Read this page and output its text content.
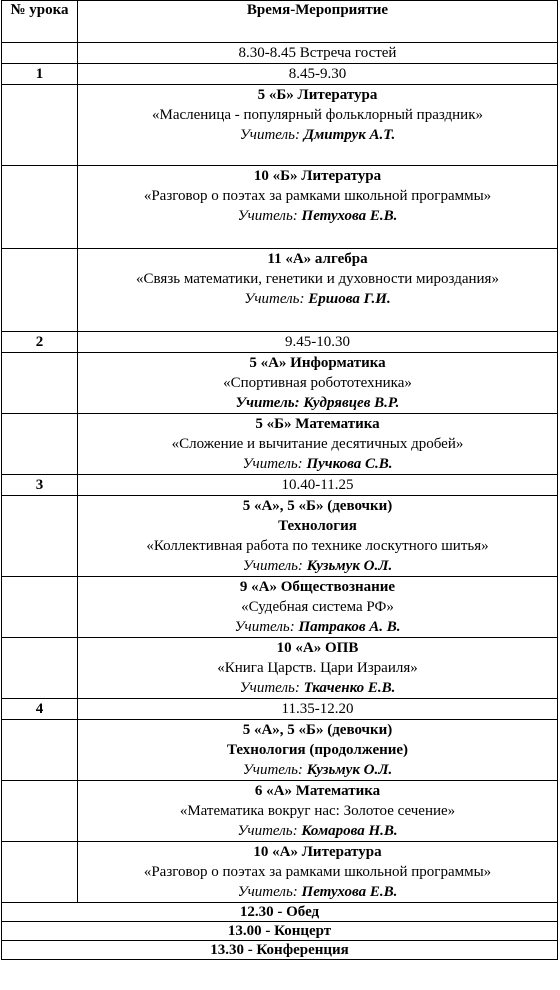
№ урока	Время-Мероприятие
	8.30-8.45 Встреча гостей
1	8.45-9.30

	5 «Б» Литература
«Масленица - популярный фольклорный праздник»
Учитель: Дмитрук А.Т.

	10 «Б» Литература
«Разговор о поэтах за рамками школьной программы»
Учитель: Петухова Е.В.

	11 «А» алгебра
«Связь математики, генетики и духовности мироздания»
Учитель: Ершова Г.И.

2	9.45-10.30

	5 «А» Информатика
«Спортивная робототехника»
Учитель: Кудрявцев В.Р.

	5 «Б» Математика
«Сложение и вычитание десятичных дробей»
Учитель: Пучкова С.В.

3	10.40-11.25

	5 «А», 5 «Б» (девочки)
Технология
«Коллективная работа по технике лоскутного шитья»
Учитель: Кузьмук О.Л.

	9 «А» Обществознание
«Судебная система РФ»
Учитель: Патраков А. В.

	10 «А» ОПВ
«Книга Царств. Цари Израиля»
Учитель: Ткаченко Е.В.

4	11.35-12.20

	5 «А», 5 «Б» (девочки)
Технология (продолжение)
Учитель: Кузьмук О.Л.

	6 «А» Математика
«Математика вокруг нас: Золотое сечение»
Учитель: Комарова Н.В.

	10 «А» Литература
«Разговор о поэтах за рамками школьной программы»
Учитель: Петухова Е.В.

12.30 - Обед	
13.00 - Концерт	
13.30 - Конференция	
